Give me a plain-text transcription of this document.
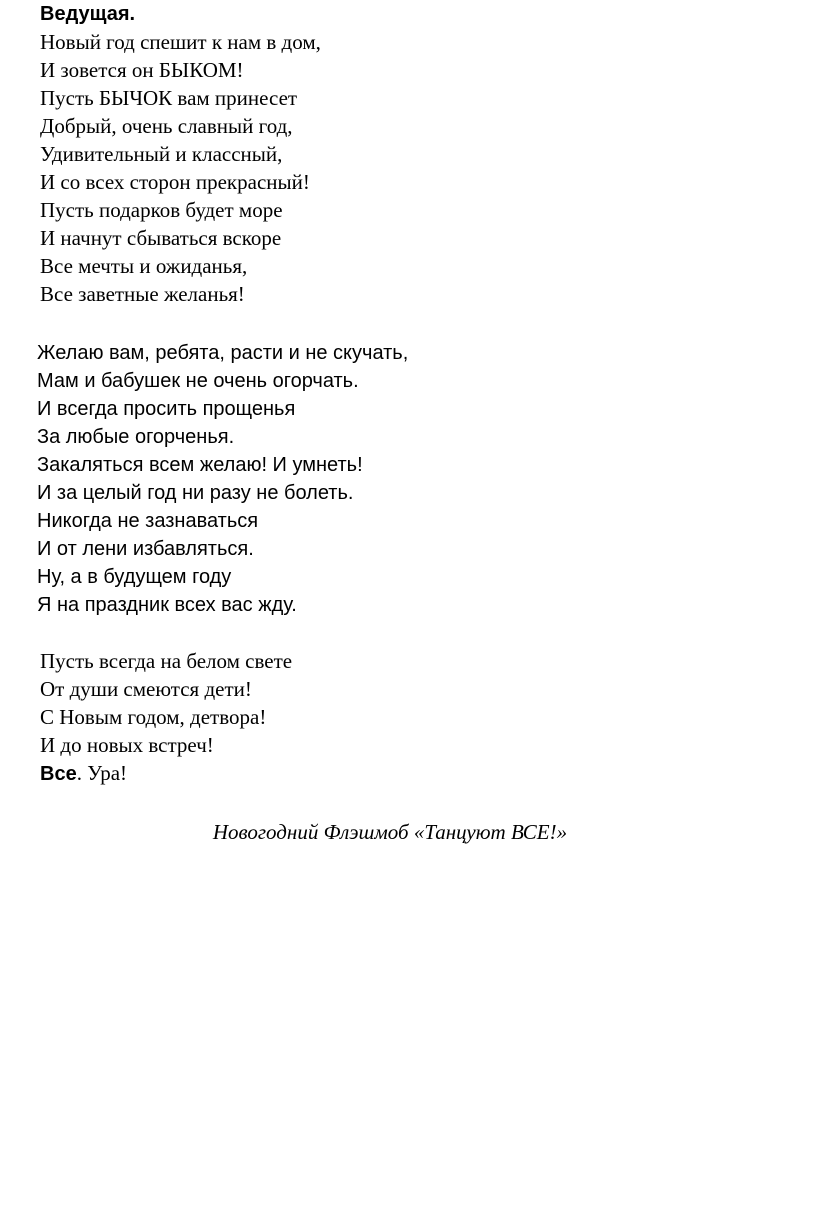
Ведущая.
Новый год спешит к нам в дом,
И зовется он БЫКОМ!
Пусть БЫЧОК вам принесет
Добрый, очень славный год,
Удивительный и классный,
И со всех сторон прекрасный!
Пусть подарков будет море
И начнут сбываться вскоре
Все мечты и ожиданья,
Все заветные желанья!
Желаю вам, ребята, расти и не скучать,
Мам и бабушек не очень огорчать.
И всегда просить прощенья
За любые огорченья.
Закаляться всем желаю! И умнеть!
И за целый год ни разу не болеть.
Никогда не зазнаваться
И от лени избавляться.
Ну, а в будущем году
Я на праздник всех вас жду.
Пусть всегда на белом свете
От души смеются дети!
С Новым годом, детвора!
И до новых встреч!
Все. Ура!
Новогодний Флэшмоб «Танцуют ВСЕ!»
